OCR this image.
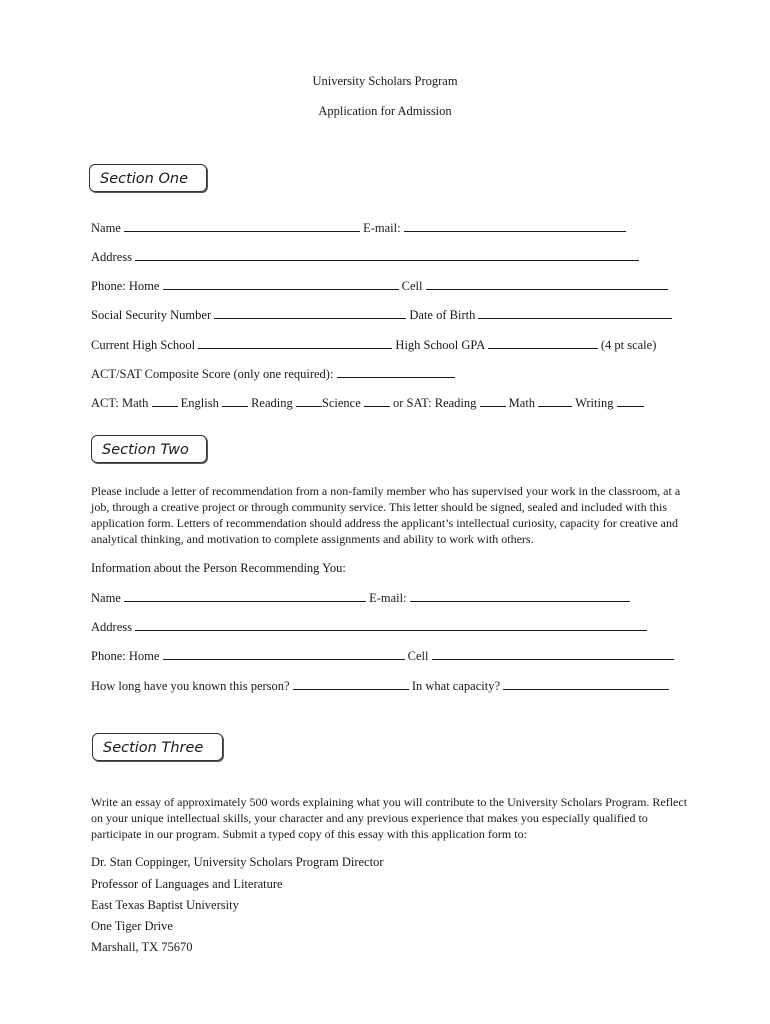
University Scholars Program
Application for Admission
Section One
Name	E-mail:
Address
Phone: Home	Cell
Social Security Number	Date of Birth
Current High School	High School GPA	(4 pt scale)
ACT/SAT Composite Score (only one required):
ACT: Math	English	Reading Science	or SAT: Reading	Math	Writing
Section Two
Please include a letter of recommendation from a non-family member who has supervised your work in the classroom, at a job, through a creative project or through community service. This letter should be signed, sealed and included with this application form. Letters of recommendation should address the applicant’s intellectual curiosity, capacity for creative and analytical thinking, and motivation to complete assignments and ability to work with others.
Information about the Person Recommending You:
Name	E-mail:
Address
Phone: Home	Cell
How long have you known this person?	In what capacity?
Section Three
Write an essay of approximately 500 words explaining what you will contribute to the University Scholars Program. Reflect on your unique intellectual skills, your character and any previous experience that makes you especially qualified to participate in our program. Submit a typed copy of this essay with this application form to:
Dr. Stan Coppinger, University Scholars Program Director
Professor of Languages and Literature
East Texas Baptist University
One Tiger Drive
Marshall, TX 75670
